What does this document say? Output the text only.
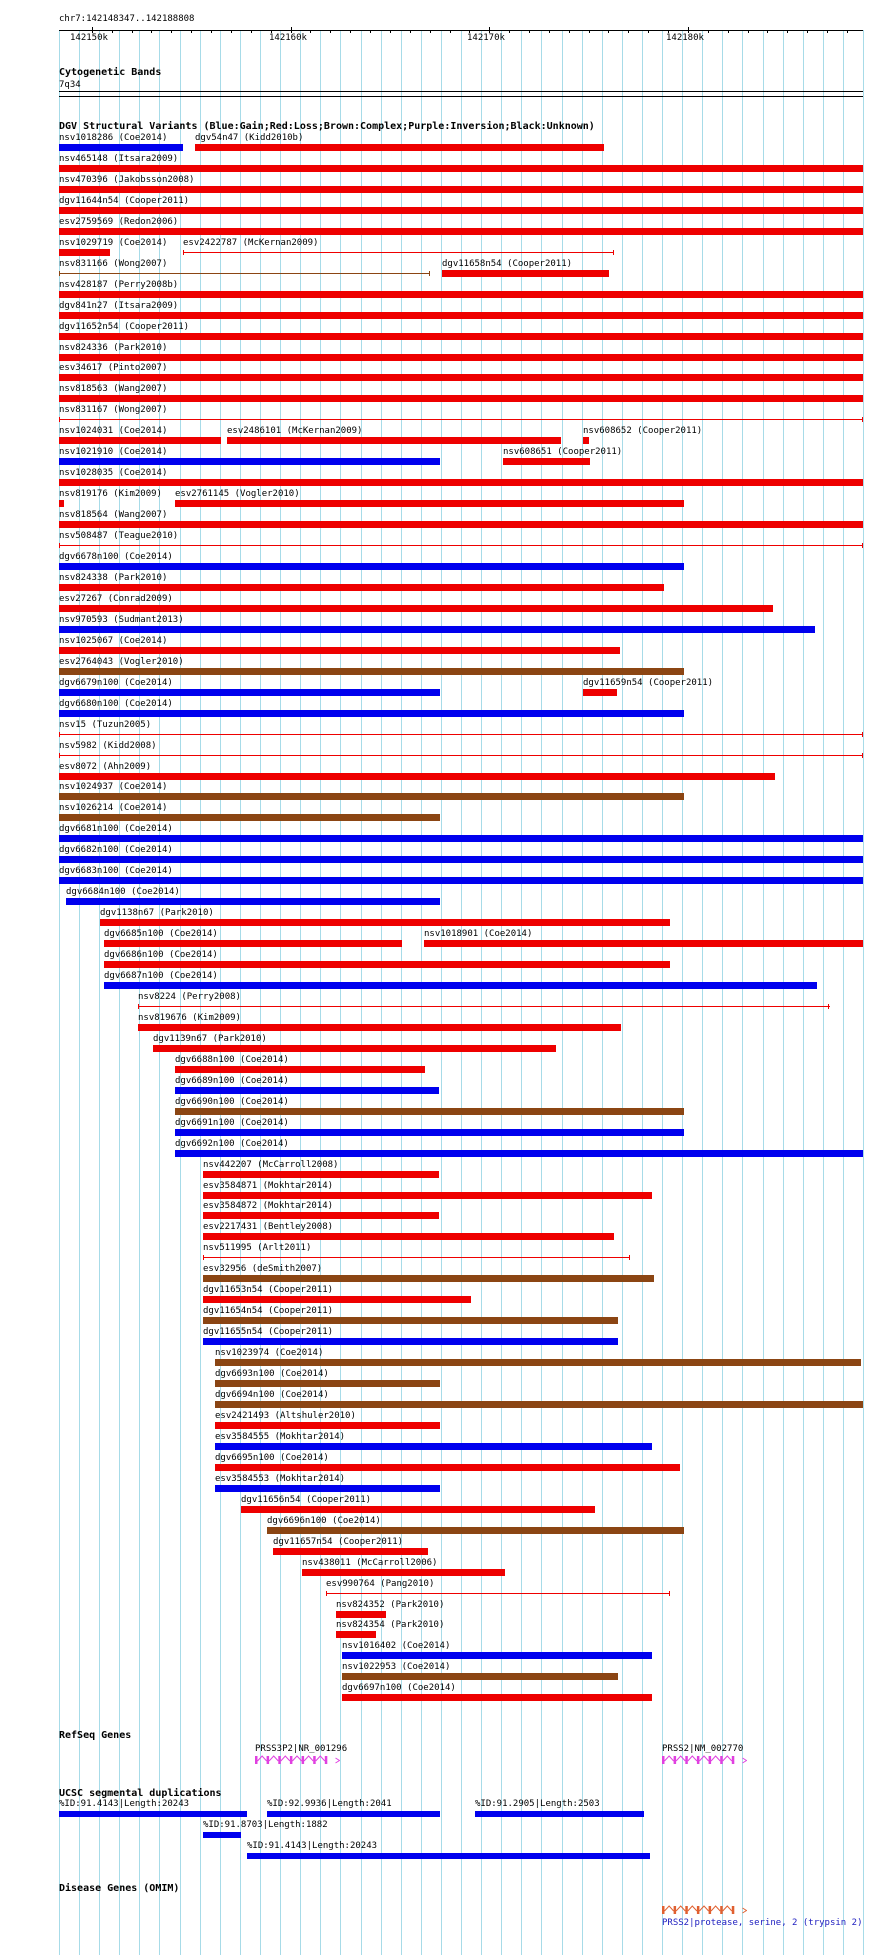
chr7:142148347..142188808
142150k	142160k	142170k	142180k
Cytogenetic Bands
7q34
DGV Structural Variants (Blue:Gain;Red:Loss;Brown:Complex;Purple:Inversion;Black:Unknown)
nsv1018286 (Coe2014)	dgv54n47 (Kidd2010b)
nsv465148 (Itsara2009)
nsv470396 (Jakobsson2008)
dgv11644n54 (Cooper2011)
esv2759569 (Redon2006)
nsv1029719 (Coe2014) esv2422787 (McKernan2009)
nsv831166 (Wong2007)	dgv11658n54 (Cooper2011)
nsv428187 (Perry2008b)
dgv841n27 (Itsara2009)
dgv11652n54 (Cooper2011)
nsv824336 (Park2010)
esv34617 (Pinto2007)
nsv818563 (Wang2007)
nsv831167 (Wong2007)
nsv1024031 (Coe2014)	esv2486101 (McKernan2009)	nsv608652 (Cooper2011)
nsv1021910 (Coe2014)	nsv608651 (Cooper2011)
nsv1028035 (Coe2014)
nsv819176 (Kim2009) esv2761145 (Vogler2010)
nsv818564 (Wang2007)
nsv508487 (Teague2010)
dgv6678n100 (Coe2014)
nsv824338 (Park2010)
esv27267 (Conrad2009)
nsv970593 (Sudmant2013)
nsv1025067 (Coe2014)
esv2764043 (Vogler2010)
dgv6679n100 (Coe2014)	dgv11659n54 (Cooper2011)
dgv6680n100 (Coe2014)
nsv15 (Tuzun2005)
nsv5982 (Kidd2008)
esv8072 (Ahn2009)
nsv1024937 (Coe2014)
nsv1026214 (Coe2014)
dgv6681n100 (Coe2014)
dgv6682n100 (Coe2014)
dgv6683n100 (Coe2014)
dgv6684n100 (Coe2014)
dgv1138n67 (Park2010)
dgv6685n100 (Coe2014)	nsv1018901 (Coe2014)
dgv6686n100 (Coe2014)
dgv6687n100 (Coe2014)
nsv8224 (Perry2008)
nsv819676 (Kim2009)
dgv1139n67 (Park2010)
dgv6688n100 (Coe2014)
dgv6689n100 (Coe2014)
dgv6690n100 (Coe2014)
dgv6691n100 (Coe2014)
dgv6692n100 (Coe2014)
nsv442207 (McCarroll2008)
esv3584871 (Mokhtar2014)
esv3584872 (Mokhtar2014)
esv2217431 (Bentley2008)
nsv511995 (Arlt2011)
esv32956 (deSmith2007)
dgv11653n54 (Cooper2011)
dgv11654n54 (Cooper2011)
dgv11655n54 (Cooper2011)
nsv1023974 (Coe2014)
dgv6693n100 (Coe2014)
dgv6694n100 (Coe2014)
esv2421493 (Altshuler2010)
esv3584555 (Mokhtar2014)
dgv6695n100 (Coe2014)
esv3584553 (Mokhtar2014)
dgv11656n54 (Cooper2011)
dgv6696n100 (Coe2014)
dgv11657n54 (Cooper2011)
nsv438011 (McCarroll2006)
esv990764 (Pang2010)
nsv824352 (Park2010)
nsv824354 (Park2010)
nsv1016402 (Coe2014)
nsv1022953 (Coe2014)
dgv6697n100 (Coe2014)
RefSeq Genes
PRSS3P2|NR_001296	PRSS2|NM_002770
UCSC segmental duplications
%ID:91.4143|Length:20243	%ID:92.9936|Length:2041	%ID:91.2905|Length:2503
%ID:91.8703|Length:1882
%ID:91.4143|Length:20243
Disease Genes (OMIM)
PRSS2|protease, serine, 2 (trypsin 2)
